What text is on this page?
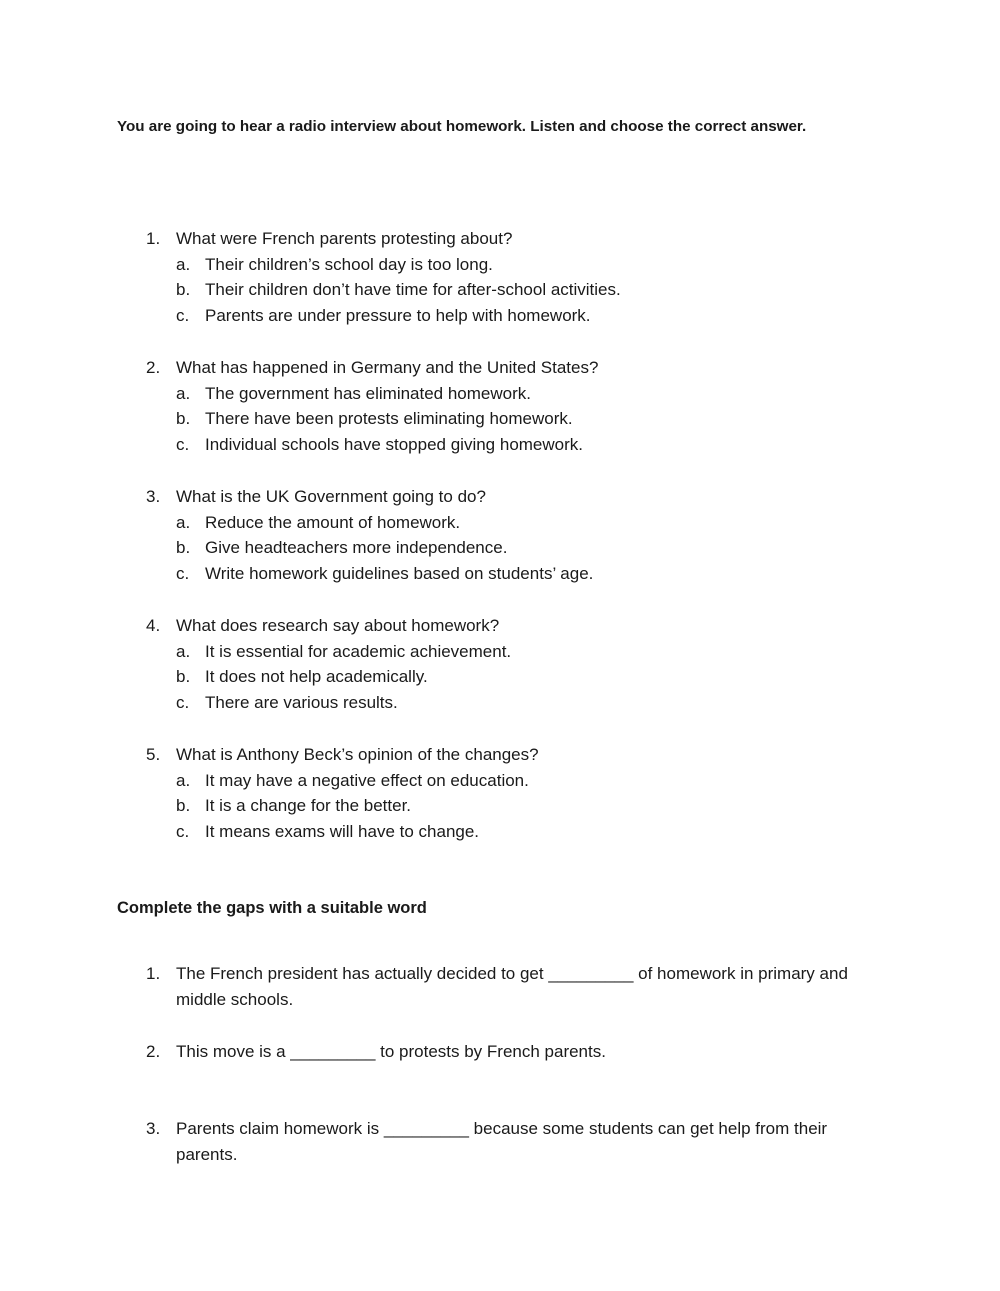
You are going to hear a radio interview about homework. Listen and choose the correct answer.
1. What were French parents protesting about?
a. Their children’s school day is too long.
b. Their children don’t have time for after-school activities.
c. Parents are under pressure to help with homework.
2. What has happened in Germany and the United States?
a. The government has eliminated homework.
b. There have been protests eliminating homework.
c. Individual schools have stopped giving homework.
3. What is the UK Government going to do?
a. Reduce the amount of homework.
b. Give headteachers more independence.
c. Write homework guidelines based on students’ age.
4. What does research say about homework?
a. It is essential for academic achievement.
b. It does not help academically.
c. There are various results.
5. What is Anthony Beck’s opinion of the changes?
a. It may have a negative effect on education.
b. It is a change for the better.
c. It means exams will have to change.
Complete the gaps with a suitable word
1. The French president has actually decided to get _________ of homework in primary and middle schools.
2. This move is a _________ to protests by French parents.
3. Parents claim homework is _________ because some students can get help from their parents.
